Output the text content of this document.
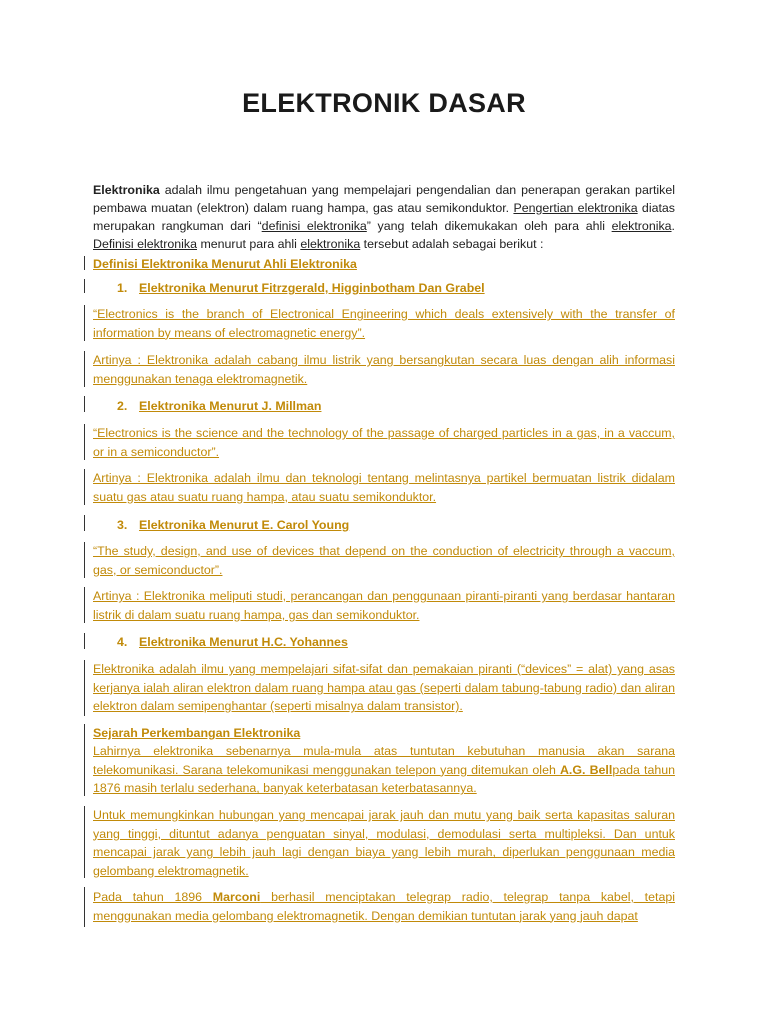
ELEKTRONIK DASAR

Elektronika adalah ilmu pengetahuan yang mempelajari pengendalian dan penerapan gerakan partikel pembawa muatan (elektron) dalam ruang hampa, gas atau semikonduktor. Pengertian elektronika diatas merupakan rangkuman dari “definisi elektronika” yang telah dikemukakan oleh para ahli elektronika. Definisi elektronika menurut para ahli elektronika tersebut adalah sebagai berikut :

Definisi Elektronika Menurut Ahli Elektronika

1. Elektronika Menurut Fitrzgerald, Higginbotham Dan Grabel

“Electronics is the branch of Electronical Engineering which deals extensively with the transfer of information by means of electromagnetic energy”.

Artinya : Elektronika adalah cabang ilmu listrik yang bersangkutan secara luas dengan alih informasi menggunakan tenaga elektromagnetik.

2. Elektronika Menurut J. Millman

“Electronics is the science and the technology of the passage of charged particles in a gas, in a vaccum, or in a semiconductor”.

Artinya : Elektronika adalah ilmu dan teknologi tentang melintasnya partikel bermuatan listrik didalam suatu gas atau suatu ruang hampa, atau suatu semikonduktor.

3. Elektronika Menurut E. Carol Young

“The study, design, and use of devices that depend on the conduction of electricity through a vaccum, gas, or semiconductor”.

Artinya : Elektronika meliputi studi, perancangan dan penggunaan piranti-piranti yang berdasar hantaran listrik di dalam suatu ruang hampa, gas dan semikonduktor.

4. Elektronika Menurut H.C. Yohannes

Elektronika adalah ilmu yang mempelajari sifat-sifat dan pemakaian piranti (“devices” = alat) yang asas kerjanya ialah aliran elektron dalam ruang hampa atau gas (seperti dalam tabung-tabung radio) dan aliran elektron dalam semipenghantar (seperti misalnya dalam transistor).

Sejarah Perkembangan Elektronika

Lahirnya elektronika sebenarnya mula-mula atas tuntutan kebutuhan manusia akan sarana telekomunikasi. Sarana telekomunikasi menggunakan telepon yang ditemukan oleh A.G. Bellpada tahun 1876 masih terlalu sederhana, banyak keterbatasan keterbatasannya.

Untuk memungkinkan hubungan yang mencapai jarak jauh dan mutu yang baik serta kapasitas saluran yang tinggi, dituntut adanya penguatan sinyal, modulasi, demodulasi serta multipleksi. Dan untuk mencapai jarak yang lebih jauh lagi dengan biaya yang lebih murah, diperlukan penggunaan media gelombang elektromagnetik.

Pada tahun 1896 Marconi berhasil menciptakan telegrap radio, telegrap tanpa kabel, tetapi menggunakan media gelombang elektromagnetik. Dengan demikian tuntutan jarak yang jauh dapat
